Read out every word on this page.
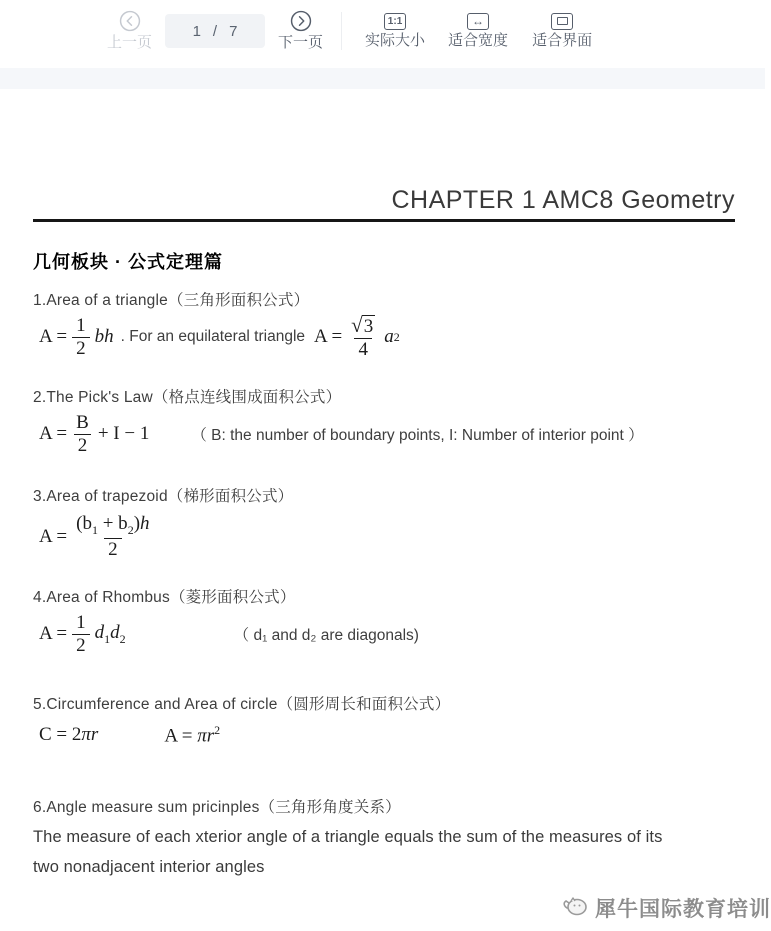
上一页
1 / 7
下一页
1:1
实际大小
↔
适合宽度 适合界面
CHAPTER 1 AMC8 Geometry
几何板块 · 公式定理篇
1.Area of a triangle（三角形面积公式）
$A = \frac{1}{2}$ bh . For an equilateral triangle $A = \frac{√3}{4}$ a 2
2.The Pick's Law（格点连线围成面积公式）
$A = \frac{B}{2} + I - 1$	（ B: the number of boundary points, I: Number of interior point ）
3.Area of trapezoid（梯形面积公式）
$A = \frac{(b_1 + b_2)h}{2}$
4.Area of Rhombus（菱形面积公式）
$A = \frac{1}{2} d_1d_2$	（ d₁ and d₂ are diagonals)
5.Circumference and Area of circle（圆形周长和面积公式）
C = 2πr	$A = \pi r^2$
6.Angle measure sum pricinples（三角形角度关系）
The measure of each xterior angle of a triangle equals the sum of the measures of its
two nonadjacent interior angles
犀牛国际教育培训
